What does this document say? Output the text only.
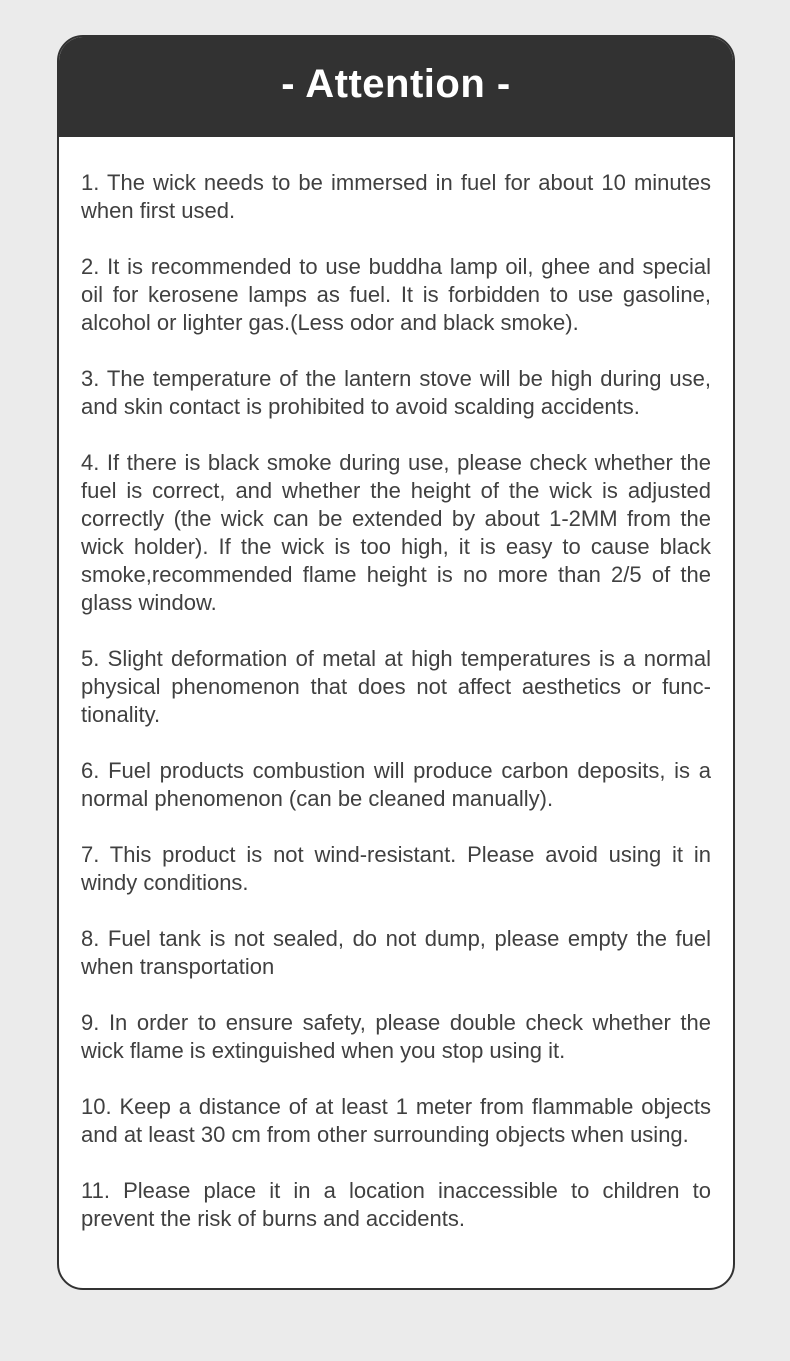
- Attention -

1. The wick needs to be immersed in fuel for about 10 minutes when first used.

2. It is recommended to use buddha lamp oil, ghee and special oil for kerosene lamps as fuel. It is forbidden to use gasoline, alcohol or lighter gas.(Less odor and black smoke).

3. The temperature of the lantern stove will be high during use, and skin contact is prohibited to avoid scalding accidents.

4. If there is black smoke during use, please check whether the fuel is correct, and whether the height of the wick is adjusted correctly (the wick can be extended by about 1-2MM from the wick holder). If the wick is too high, it is easy to cause black smoke,recommended flame height is no more than 2/5 of the glass window.

5. Slight deformation of metal at high temperatures is a normal physical phenomenon that does not affect aesthetics or func-tionality.

6. Fuel products combustion will produce carbon deposits, is a normal phenomenon (can be cleaned manually).

7. This product is not wind-resistant. Please avoid using it in windy conditions.

8. Fuel tank is not sealed, do not dump, please empty the fuel when transportation

9. In order to ensure safety, please double check whether the wick flame is extinguished when you stop using it.

10. Keep a distance of at least 1 meter from flammable objects and at least 30 cm from other surrounding objects when using.

11. Please place it in a location inaccessible to children to prevent the risk of burns and accidents.
